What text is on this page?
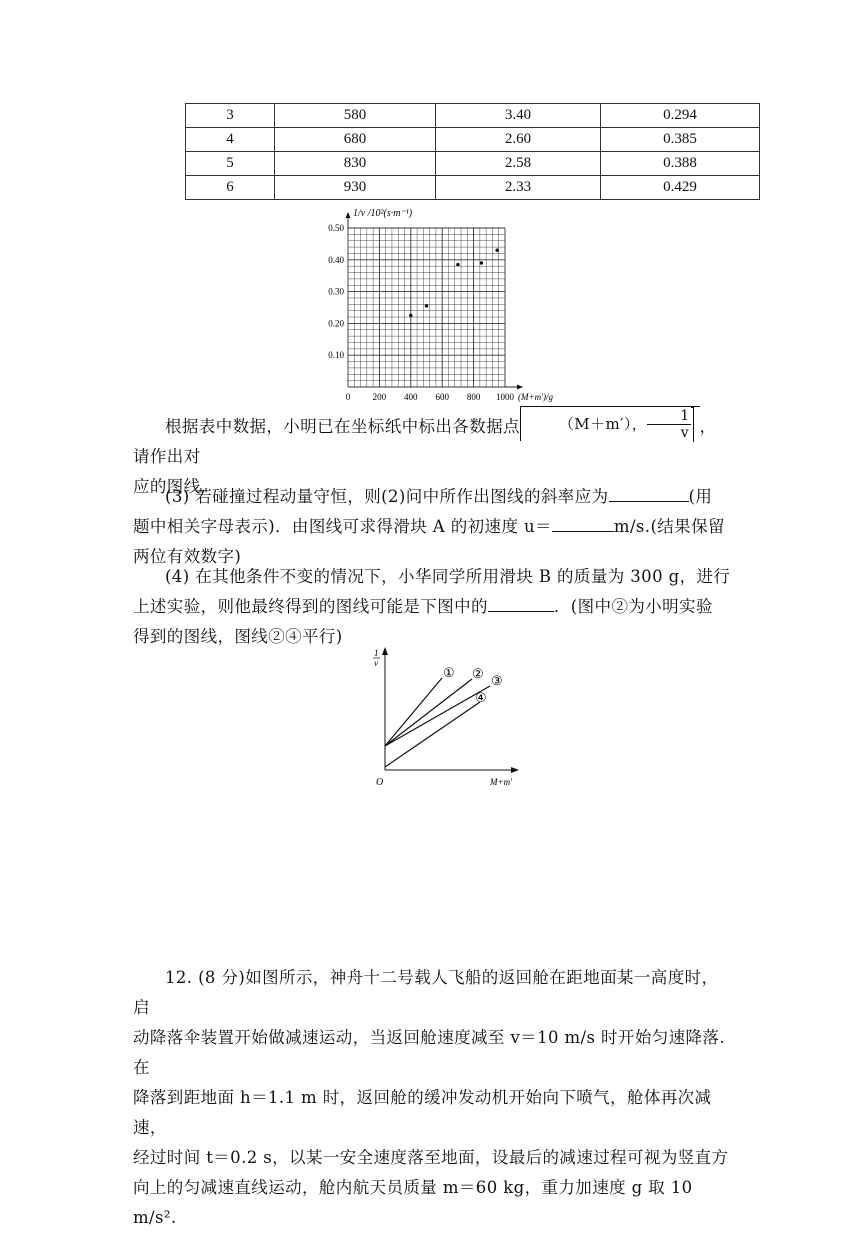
3	580	3.40	0.294
4	680	2.60	0.385
5	830	2.58	0.388
6	930	2.33	0.429
0 200 400 600 800 1000
0.10
0.20
0.30
0.40
0.50
1/v /10²(s·m⁻¹)
(M+m′)/g
根据表中数据，小明已在坐标纸中标出各数据点	（M＋m′）， $\frac{1}{v}$ ，请作出对
应的图线.
(3) 若碰撞过程动量守恒，则(2)问中所作出图线的斜率应为	(用
题中相关字母表示)．由图线可求得滑块 A 的初速度 u＝	m/s.(结果保留
两位有效数字)
(4) 在其他条件不变的情况下，小华同学所用滑块 B 的质量为 300 g，进行
上述实验，则他最终得到的图线可能是下图中的	．(图中②为小明实验
得到的图线，图线②④平行)
1
v
O	M+m′
① ② ③
④
12. (8 分)如图所示，神舟十二号载人飞船的返回舱在距地面某一高度时，启
动降落伞装置开始做减速运动，当返回舱速度减至 v＝10 m/s 时开始匀速降落. 在
降落到距地面 h＝1.1 m 时，返回舱的缓冲发动机开始向下喷气，舱体再次减速，
经过时间 t＝0.2 s，以某一安全速度落至地面，设最后的减速过程可视为竖直方
向上的匀减速直线运动，舱内航天员质量 m＝60 kg，重力加速度 g 取 10 m/s².
